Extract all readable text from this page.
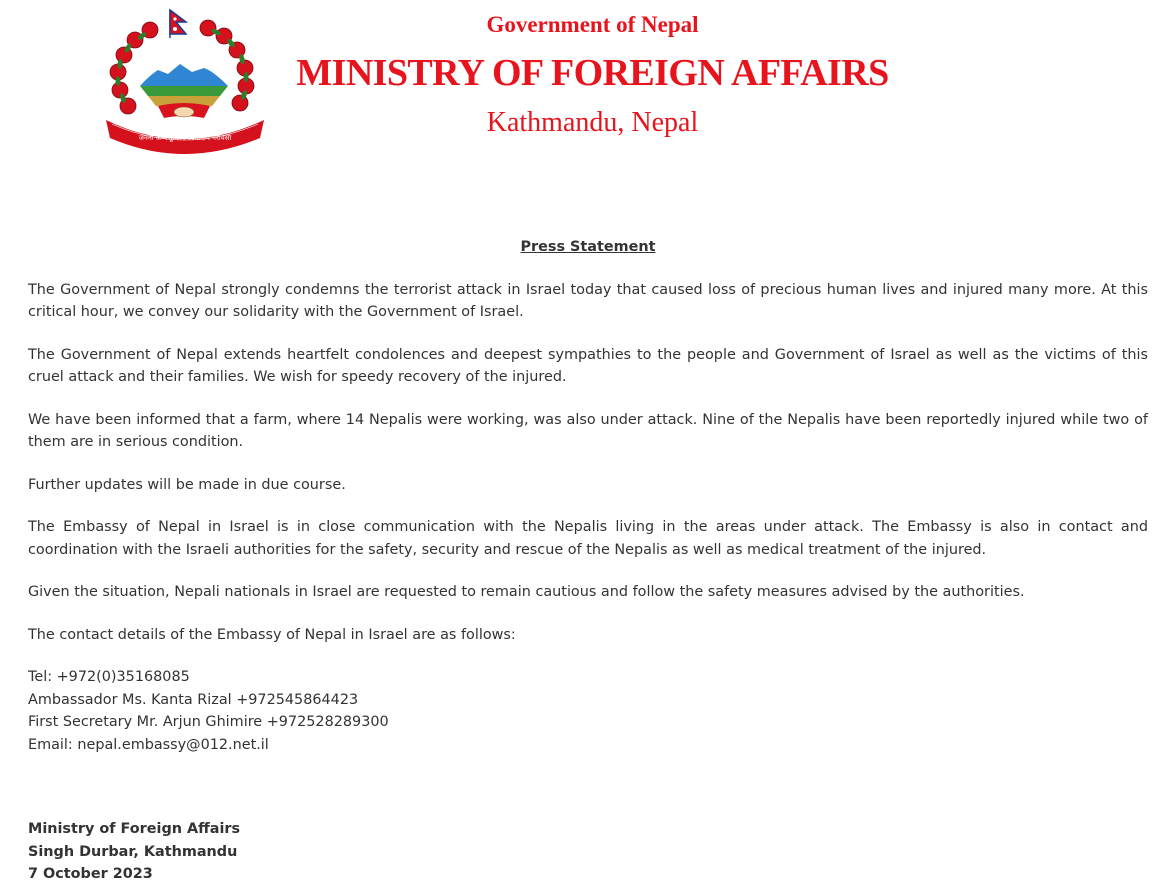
जननी जन्मभूमिश्च स्वर्गादपि गरीयसी
Government of Nepal
MINISTRY OF FOREIGN AFFAIRS
Kathmandu, Nepal
Press Statement

The Government of Nepal strongly condemns the terrorist attack in Israel today that caused loss of precious human lives and injured many more. At this critical hour, we convey our solidarity with the Government of Israel.

The Government of Nepal extends heartfelt condolences and deepest sympathies to the people and Government of Israel as well as the victims of this cruel attack and their families. We wish for speedy recovery of the injured.

We have been informed that a farm, where 14 Nepalis were working, was also under attack. Nine of the Nepalis have been reportedly injured while two of them are in serious condition.

Further updates will be made in due course.

The Embassy of Nepal in Israel is in close communication with the Nepalis living in the areas under attack. The Embassy is also in contact and coordination with the Israeli authorities for the safety, security and rescue of the Nepalis as well as medical treatment of the injured.

Given the situation, Nepali nationals in Israel are requested to remain cautious and follow the safety measures advised by the authorities.

The contact details of the Embassy of Nepal in Israel are as follows:

Tel: +972(0)35168085
Ambassador Ms. Kanta Rizal +972545864423
First Secretary Mr. Arjun Ghimire +972528289300
Email: nepal.embassy@012.net.il
Ministry of Foreign Affairs
Singh Durbar, Kathmandu
7 October 2023
